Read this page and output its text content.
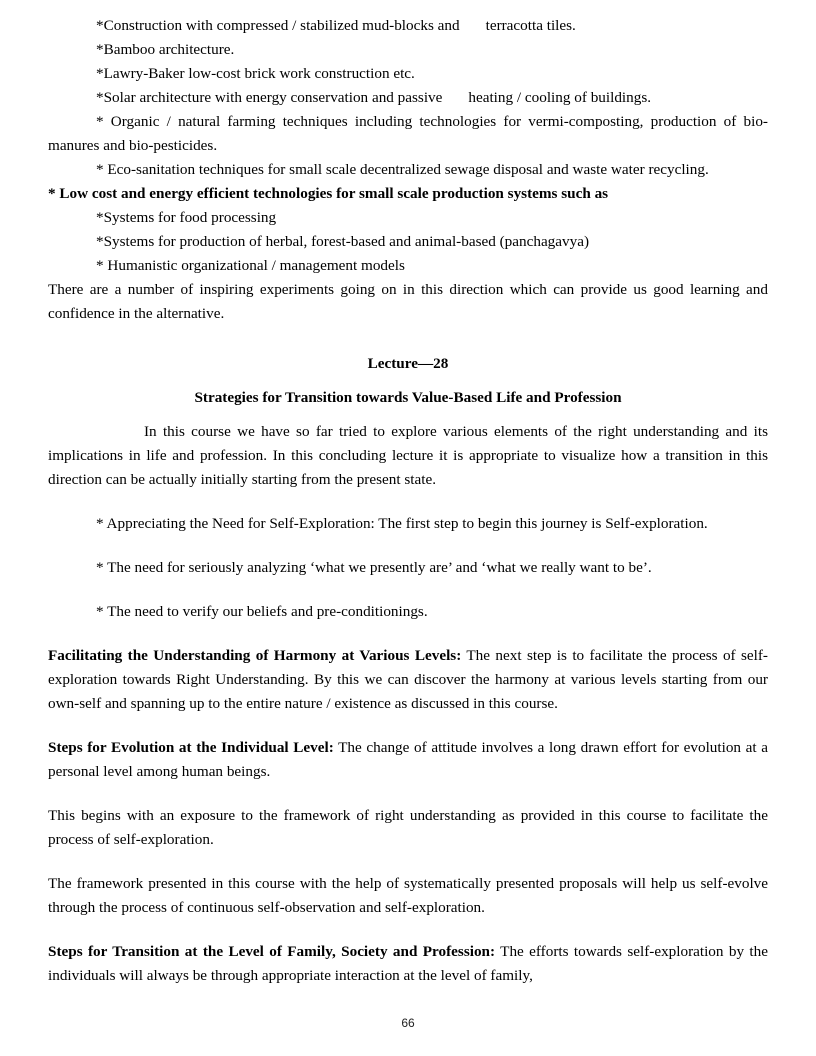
*Construction with compressed / stabilized mud-blocks and terracotta tiles.
*Bamboo architecture.
*Lawry-Baker low-cost brick work construction etc.
*Solar architecture with energy conservation and passive heating / cooling of buildings.
* Organic / natural farming techniques including technologies for vermi-composting, production of bio-manures and bio-pesticides.
* Eco-sanitation techniques for small scale decentralized sewage disposal and waste water recycling.
* Low cost and energy efficient technologies for small scale production systems such as
*Systems for food processing
*Systems for production of herbal, forest-based and animal-based (panchagavya)
* Humanistic organizational / management models
There are a number of inspiring experiments going on in this direction which can provide us good learning and confidence in the alternative.
Lecture—28
Strategies for Transition towards Value-Based Life and Profession
In this course we have so far tried to explore various elements of the right understanding and its implications in life and profession. In this concluding lecture it is appropriate to visualize how a transition in this direction can be actually initially starting from the present state.
* Appreciating the Need for Self-Exploration: The first step to begin this journey is Self-exploration.
* The need for seriously analyzing ‘what we presently are’ and ‘what we really want to be’.
* The need to verify our beliefs and pre-conditionings.
Facilitating the Understanding of Harmony at Various Levels: The next step is to facilitate the process of self-exploration towards Right Understanding. By this we can discover the harmony at various levels starting from our own-self and spanning up to the entire nature / existence as discussed in this course.
Steps for Evolution at the Individual Level: The change of attitude involves a long drawn effort for evolution at a personal level among human beings.
This begins with an exposure to the framework of right understanding as provided in this course to facilitate the process of self-exploration.
The framework presented in this course with the help of systematically presented proposals will help us self-evolve through the process of continuous self-observation and self-exploration.
Steps for Transition at the Level of Family, Society and Profession: The efforts towards self-exploration by the individuals will always be through appropriate interaction at the level of family,
66
